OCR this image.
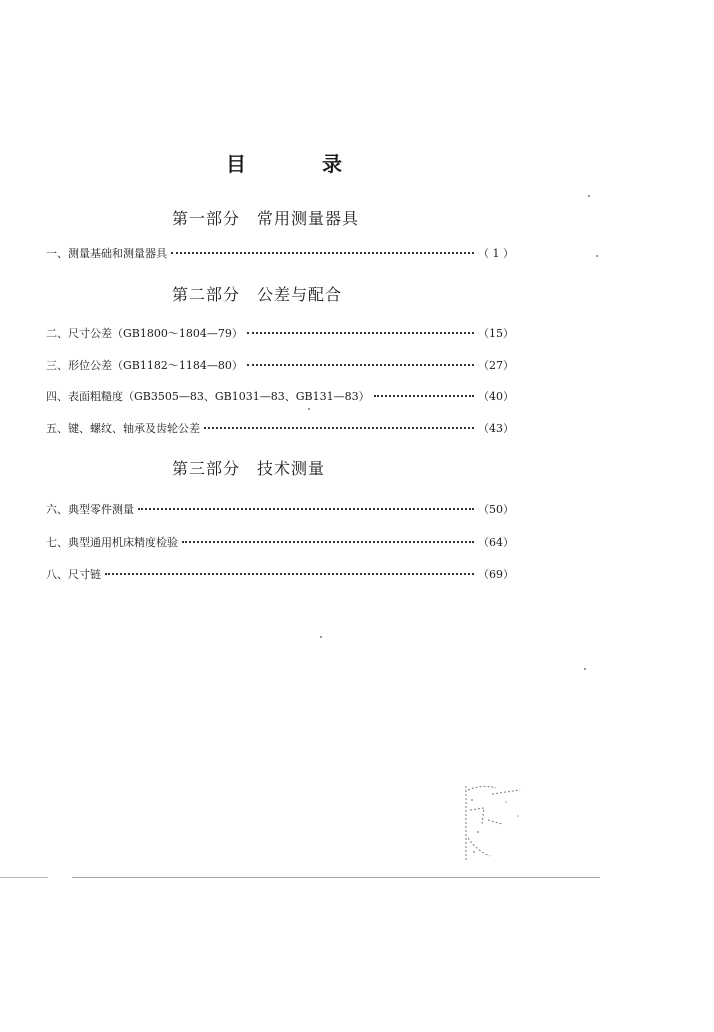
目　录
第一部分　常用测量器具
一、测量基础和测量器具	（ 1 ）
第二部分　公差与配合
二、尺寸公差（GB1800～1804—79）	（15）
三、形位公差（GB1182～1184—80）	（27）
四、表面粗糙度（GB3505—83、GB1031—83、GB131—83）	（40）
五、键、螺纹、轴承及齿轮公差	（43）
第三部分　技术测量
六、典型零件测量	（50）
七、典型通用机床精度检验	（64）
八、尺寸链	（69）
